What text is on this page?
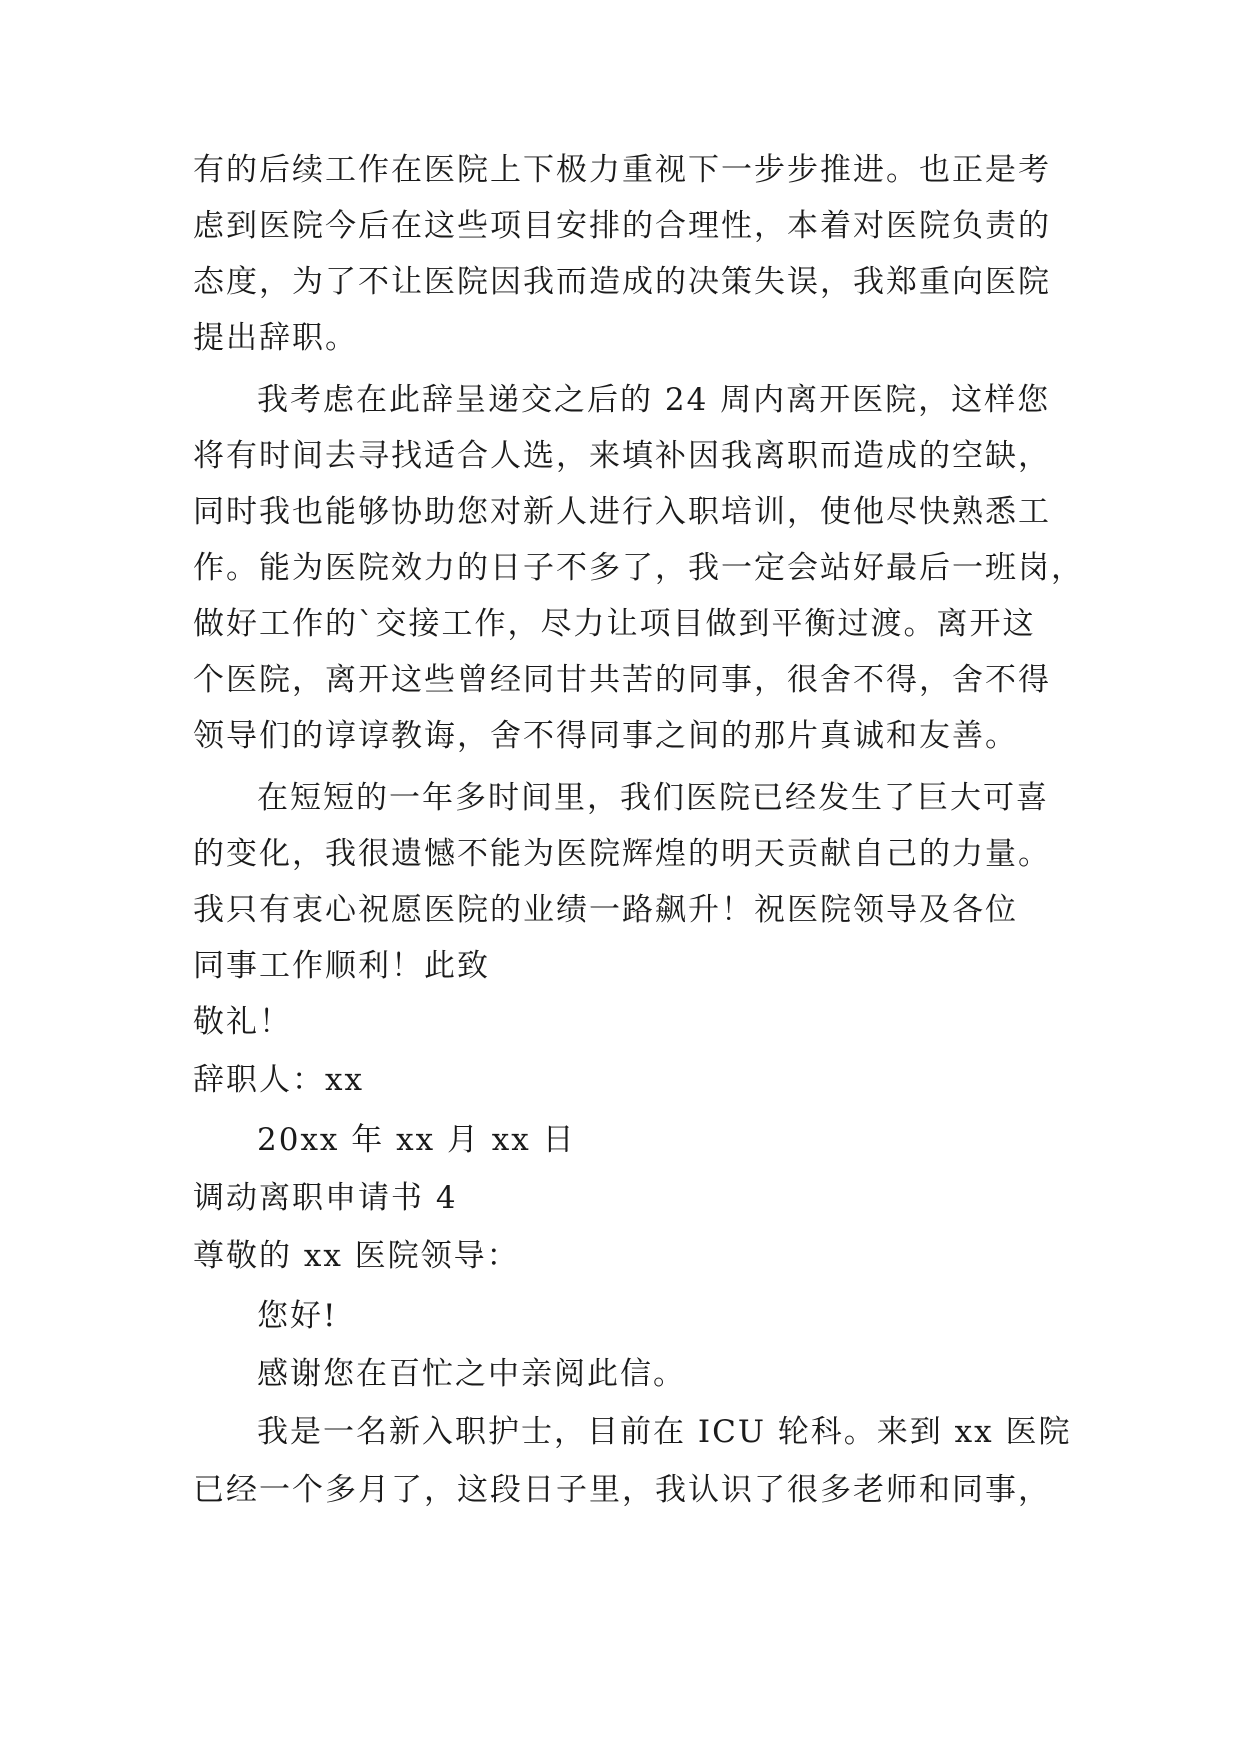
有的后续工作在医院上下极力重视下一步步推进。也正是考

虑到医院今后在这些项目安排的合理性，本着对医院负责的

态度，为了不让医院因我而造成的决策失误，我郑重向医院

提出辞职。

我考虑在此辞呈递交之后的 24 周内离开医院，这样您

将有时间去寻找适合人选，来填补因我离职而造成的空缺，

同时我也能够协助您对新人进行入职培训，使他尽快熟悉工

作。能为医院效力的日子不多了，我一定会站好最后一班岗，

做好工作的`交接工作，尽力让项目做到平衡过渡。离开这

个医院，离开这些曾经同甘共苦的同事，很舍不得，舍不得

领导们的谆谆教诲，舍不得同事之间的那片真诚和友善。

在短短的一年多时间里，我们医院已经发生了巨大可喜

的变化，我很遗憾不能为医院辉煌的明天贡献自己的力量。

我只有衷心祝愿医院的业绩一路飙升！祝医院领导及各位

同事工作顺利！此致

敬礼！

辞职人：xx

20xx 年 xx 月 xx 日

调动离职申请书 4

尊敬的 xx 医院领导：

您好!

感谢您在百忙之中亲阅此信。

我是一名新入职护士，目前在 ICU 轮科。来到 xx 医院

已经一个多月了，这段日子里，我认识了很多老师和同事，
